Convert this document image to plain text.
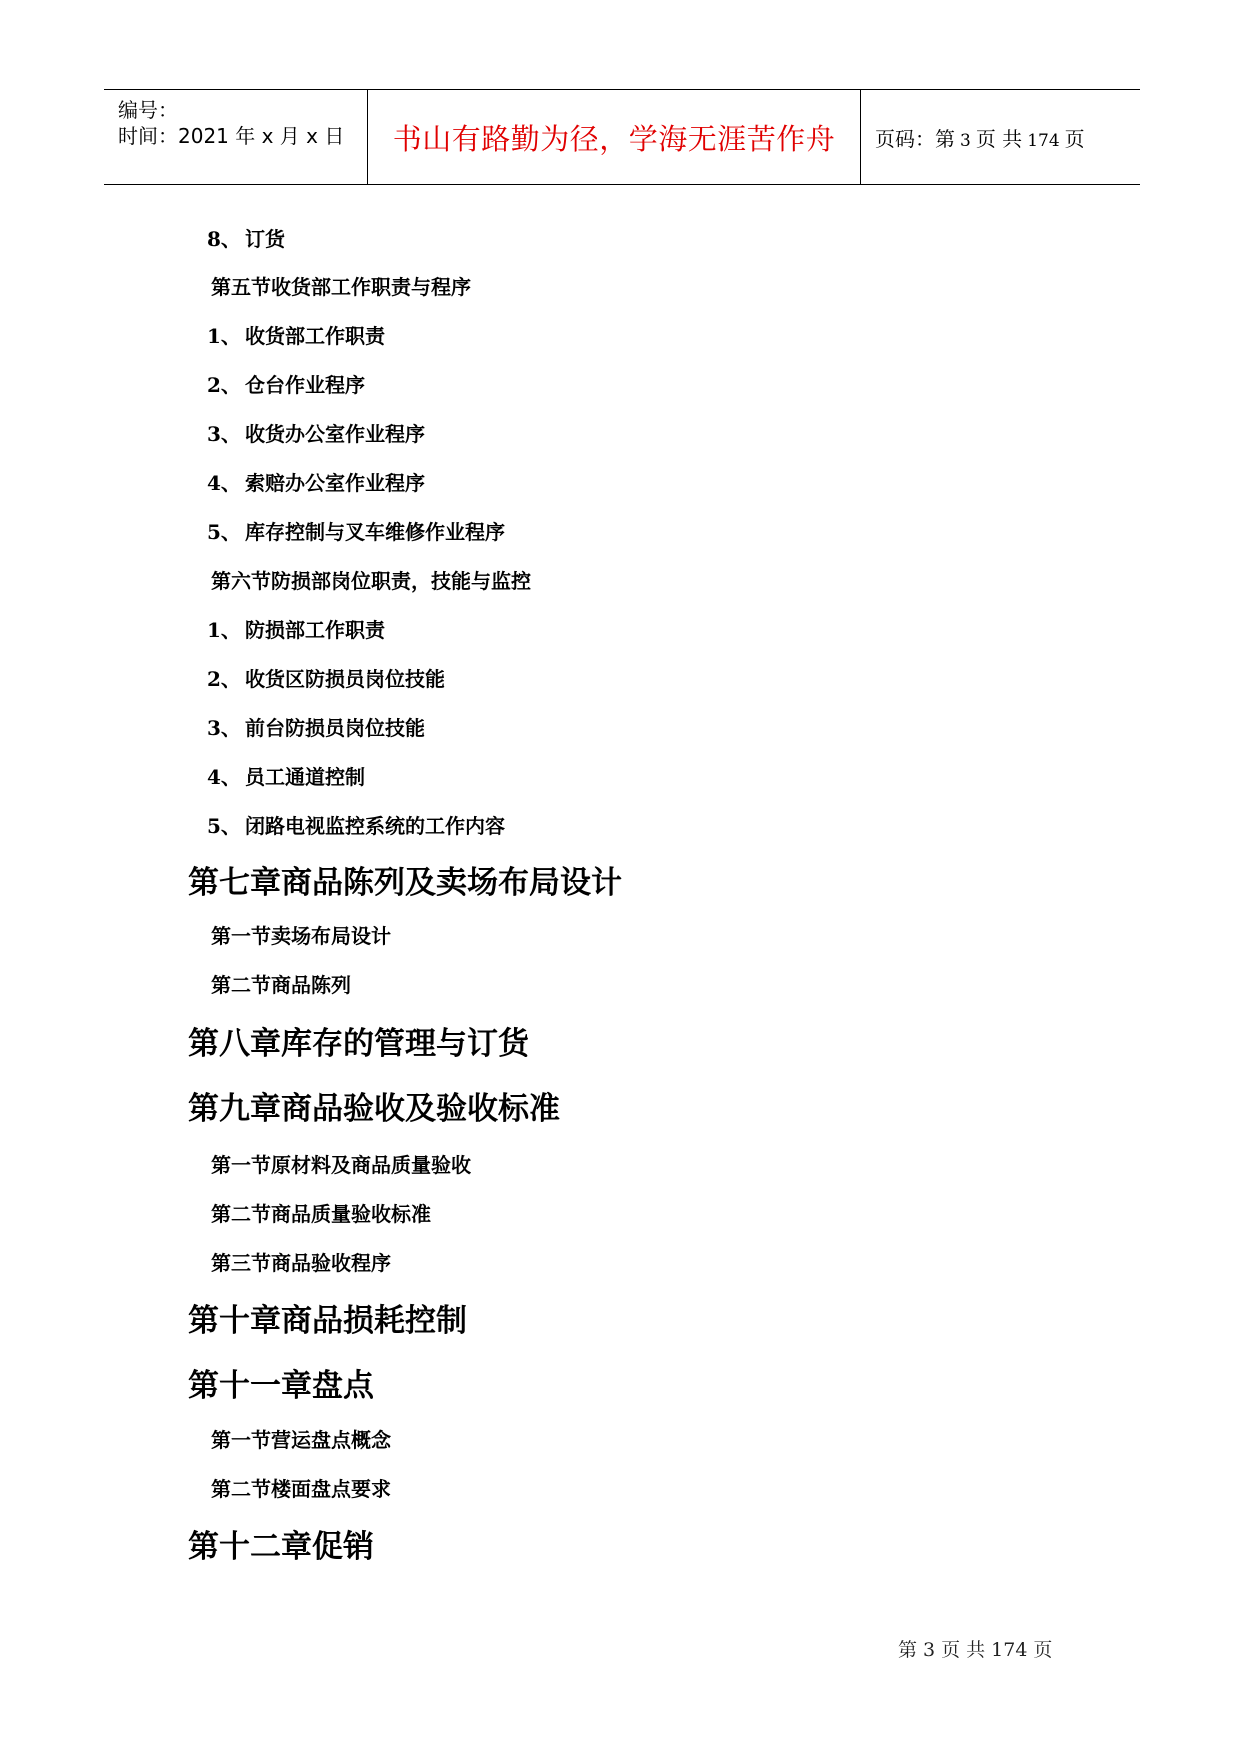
编号：
时间：2021 年 x 月 x 日 书山有路勤为径，学海无涯苦作舟 页码：第 3 页 共 174 页
8、 订货
第五节收货部工作职责与程序
1、 收货部工作职责
2、 仓台作业程序
3、 收货办公室作业程序
4、 索赔办公室作业程序
5、 库存控制与叉车维修作业程序
第六节防损部岗位职责，技能与监控
1、 防损部工作职责
2、 收货区防损员岗位技能
3、 前台防损员岗位技能
4、 员工通道控制
5、 闭路电视监控系统的工作内容
第七章商品陈列及卖场布局设计
第一节卖场布局设计
第二节商品陈列
第八章库存的管理与订货
第九章商品验收及验收标准
第一节原材料及商品质量验收
第二节商品质量验收标准
第三节商品验收程序
第十章商品损耗控制
第十一章盘点
第一节营运盘点概念
第二节楼面盘点要求
第十二章促销
第 3 页 共 174 页
